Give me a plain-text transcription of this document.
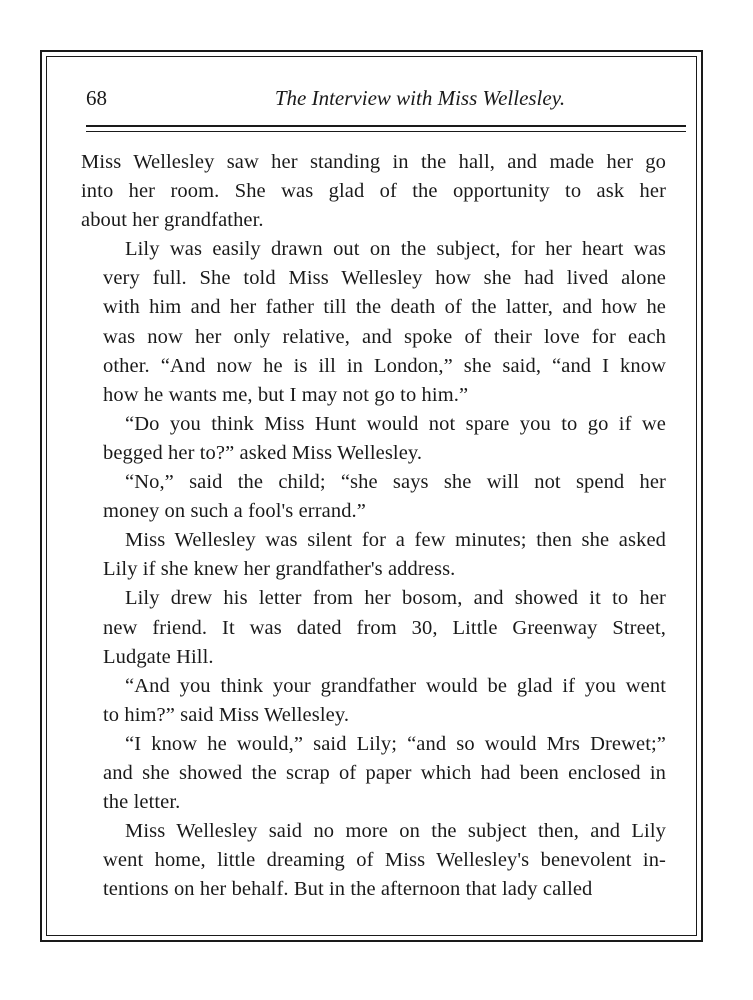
68	The Interview with Miss Wellesley.

Miss Wellesley saw her standing in the hall, and made her go
into her room. She was glad of the opportunity to ask her
about her grandfather.

Lily was easily drawn out on the subject, for her heart was
very full. She told Miss Wellesley how she had lived alone
with him and her father till the death of the latter, and how he
was now her only relative, and spoke of their love for each
other. “And now he is ill in London,” she said, “and I know
how he wants me, but I may not go to him.”

“Do you think Miss Hunt would not spare you to go if we
begged her to?” asked Miss Wellesley.

“No,” said the child; “she says she will not spend her
money on such a fool's errand.”

Miss Wellesley was silent for a few minutes; then she asked
Lily if she knew her grandfather's address.

Lily drew his letter from her bosom, and showed it to her
new friend. It was dated from 30, Little Greenway Street,
Ludgate Hill.

“And you think your grandfather would be glad if you went
to him?” said Miss Wellesley.

“I know he would,” said Lily; “and so would Mrs Drewet;”
and she showed the scrap of paper which had been enclosed in
the letter.

Miss Wellesley said no more on the subject then, and Lily
went home, little dreaming of Miss Wellesley's benevolent in-
tentions on her behalf. But in the afternoon that lady called
